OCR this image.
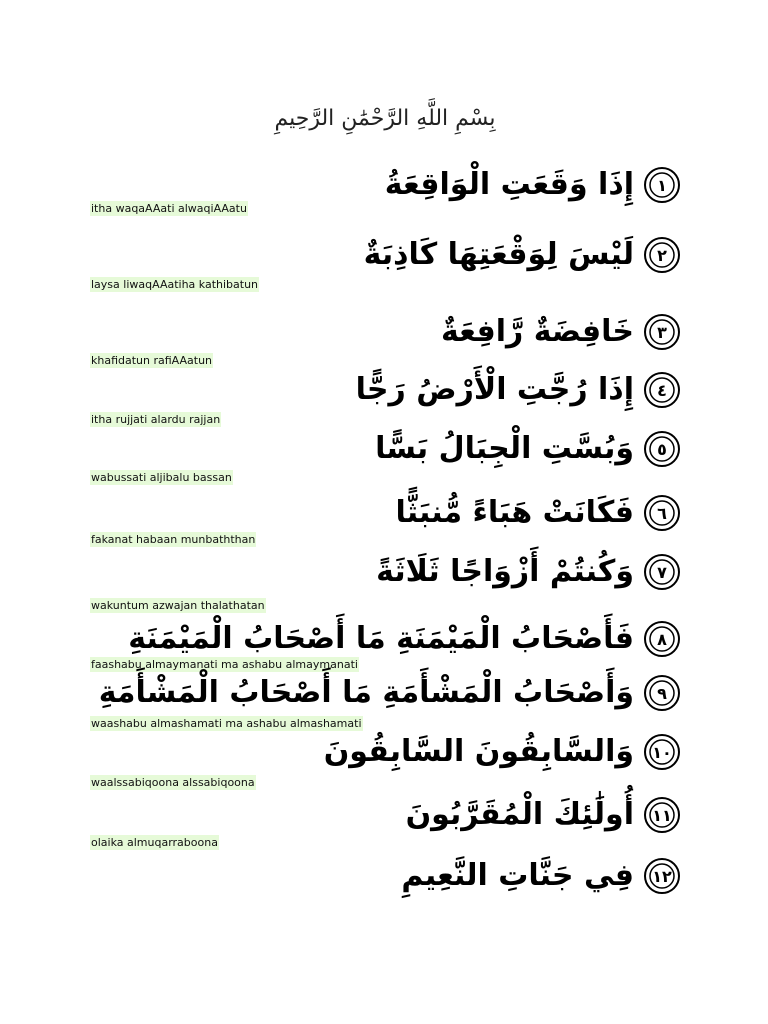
بِسْمِ اللَّهِ الرَّحْمَٰنِ الرَّحِيمِ
إِذَا وَقَعَتِ الْوَاقِعَةُ ١
itha waqaAAati alwaqiAAatu
لَيْسَ لِوَقْعَتِهَا كَاذِبَةٌ ٢
laysa liwaqAAatiha kathibatun
خَافِضَةٌ رَّافِعَةٌ ٣
khafidatun rafiAAatun
إِذَا رُجَّتِ الْأَرْضُ رَجًّا ٤
itha rujjati alardu rajjan
وَبُسَّتِ الْجِبَالُ بَسًّا ٥
wabussati aljibalu bassan
فَكَانَتْ هَبَاءً مُّنبَثًّا ٦
fakanat habaan munbaththan
وَكُنتُمْ أَزْوَاجًا ثَلَاثَةً ٧
wakuntum azwajan thalathatan
فَأَصْحَابُ الْمَيْمَنَةِ مَا أَصْحَابُ الْمَيْمَنَةِ ٨
faashabu almaymanati ma ashabu almaymanati
وَأَصْحَابُ الْمَشْأَمَةِ مَا أَصْحَابُ الْمَشْأَمَةِ ٩
waashabu almashamati ma ashabu almashamati
وَالسَّابِقُونَ السَّابِقُونَ ١٠
waalssabiqoona alssabiqoona
أُولَٰئِكَ الْمُقَرَّبُونَ ١١
olaika almuqarraboona
فِي جَنَّاتِ النَّعِيمِ ١٢
